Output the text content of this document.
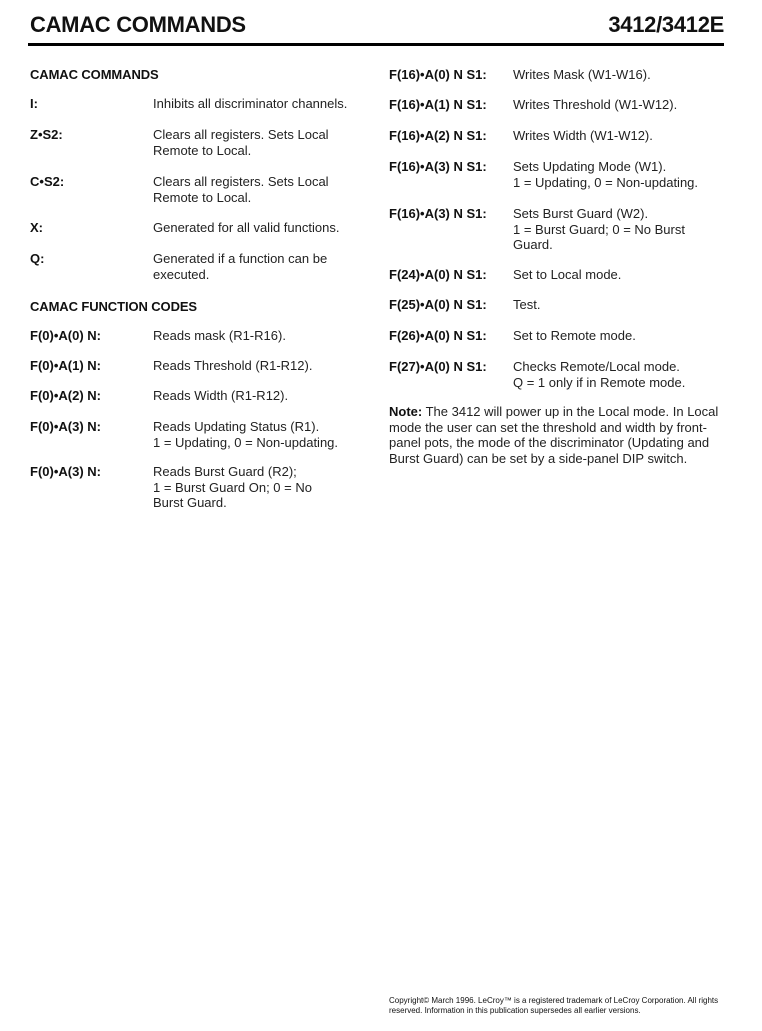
CAMAC COMMANDS	3412/3412E
CAMAC COMMANDS
I:	Inhibits all discriminator channels.
Z•S2:	Clears all registers. Sets Local
Remote to Local.
C•S2:	Clears all registers. Sets Local
Remote to Local.
X:	Generated for all valid functions.
Q:	Generated if a function can be
executed.
CAMAC FUNCTION CODES
F(0)•A(0) N:	Reads mask (R1-R16).
F(0)•A(1) N:	Reads Threshold (R1-R12).
F(0)•A(2) N:	Reads Width (R1-R12).
F(0)•A(3) N:	Reads Updating Status (R1).
1 = Updating, 0 = Non-updating.
F(0)•A(3) N:	Reads Burst Guard (R2);
1 = Burst Guard On; 0 = No
Burst Guard.
F(16)•A(0) N S1: Writes Mask (W1-W16).
F(16)•A(1) N S1: Writes Threshold (W1-W12).
F(16)•A(2) N S1: Writes Width (W1-W12).
F(16)•A(3) N S1: Sets Updating Mode (W1).
1 = Updating, 0 = Non-updating.
F(16)•A(3) N S1: Sets Burst Guard (W2).
1 = Burst Guard; 0 = No Burst
Guard.
F(24)•A(0) N S1: Set to Local mode.
F(25)•A(0) N S1: Test.
F(26)•A(0) N S1: Set to Remote mode.
F(27)•A(0) N S1: Checks Remote/Local mode.
Q = 1 only if in Remote mode.
Note: The 3412 will power up in the Local mode. In Local mode the user can set the threshold and width by front-panel pots, the mode of the discriminator (Updating and Burst Guard) can be set by a side-panel DIP switch.
Copyright© March 1996. LeCroy™ is a registered trademark of LeCroy Corporation. All rights reserved. Information in this publication supersedes all earlier versions.
